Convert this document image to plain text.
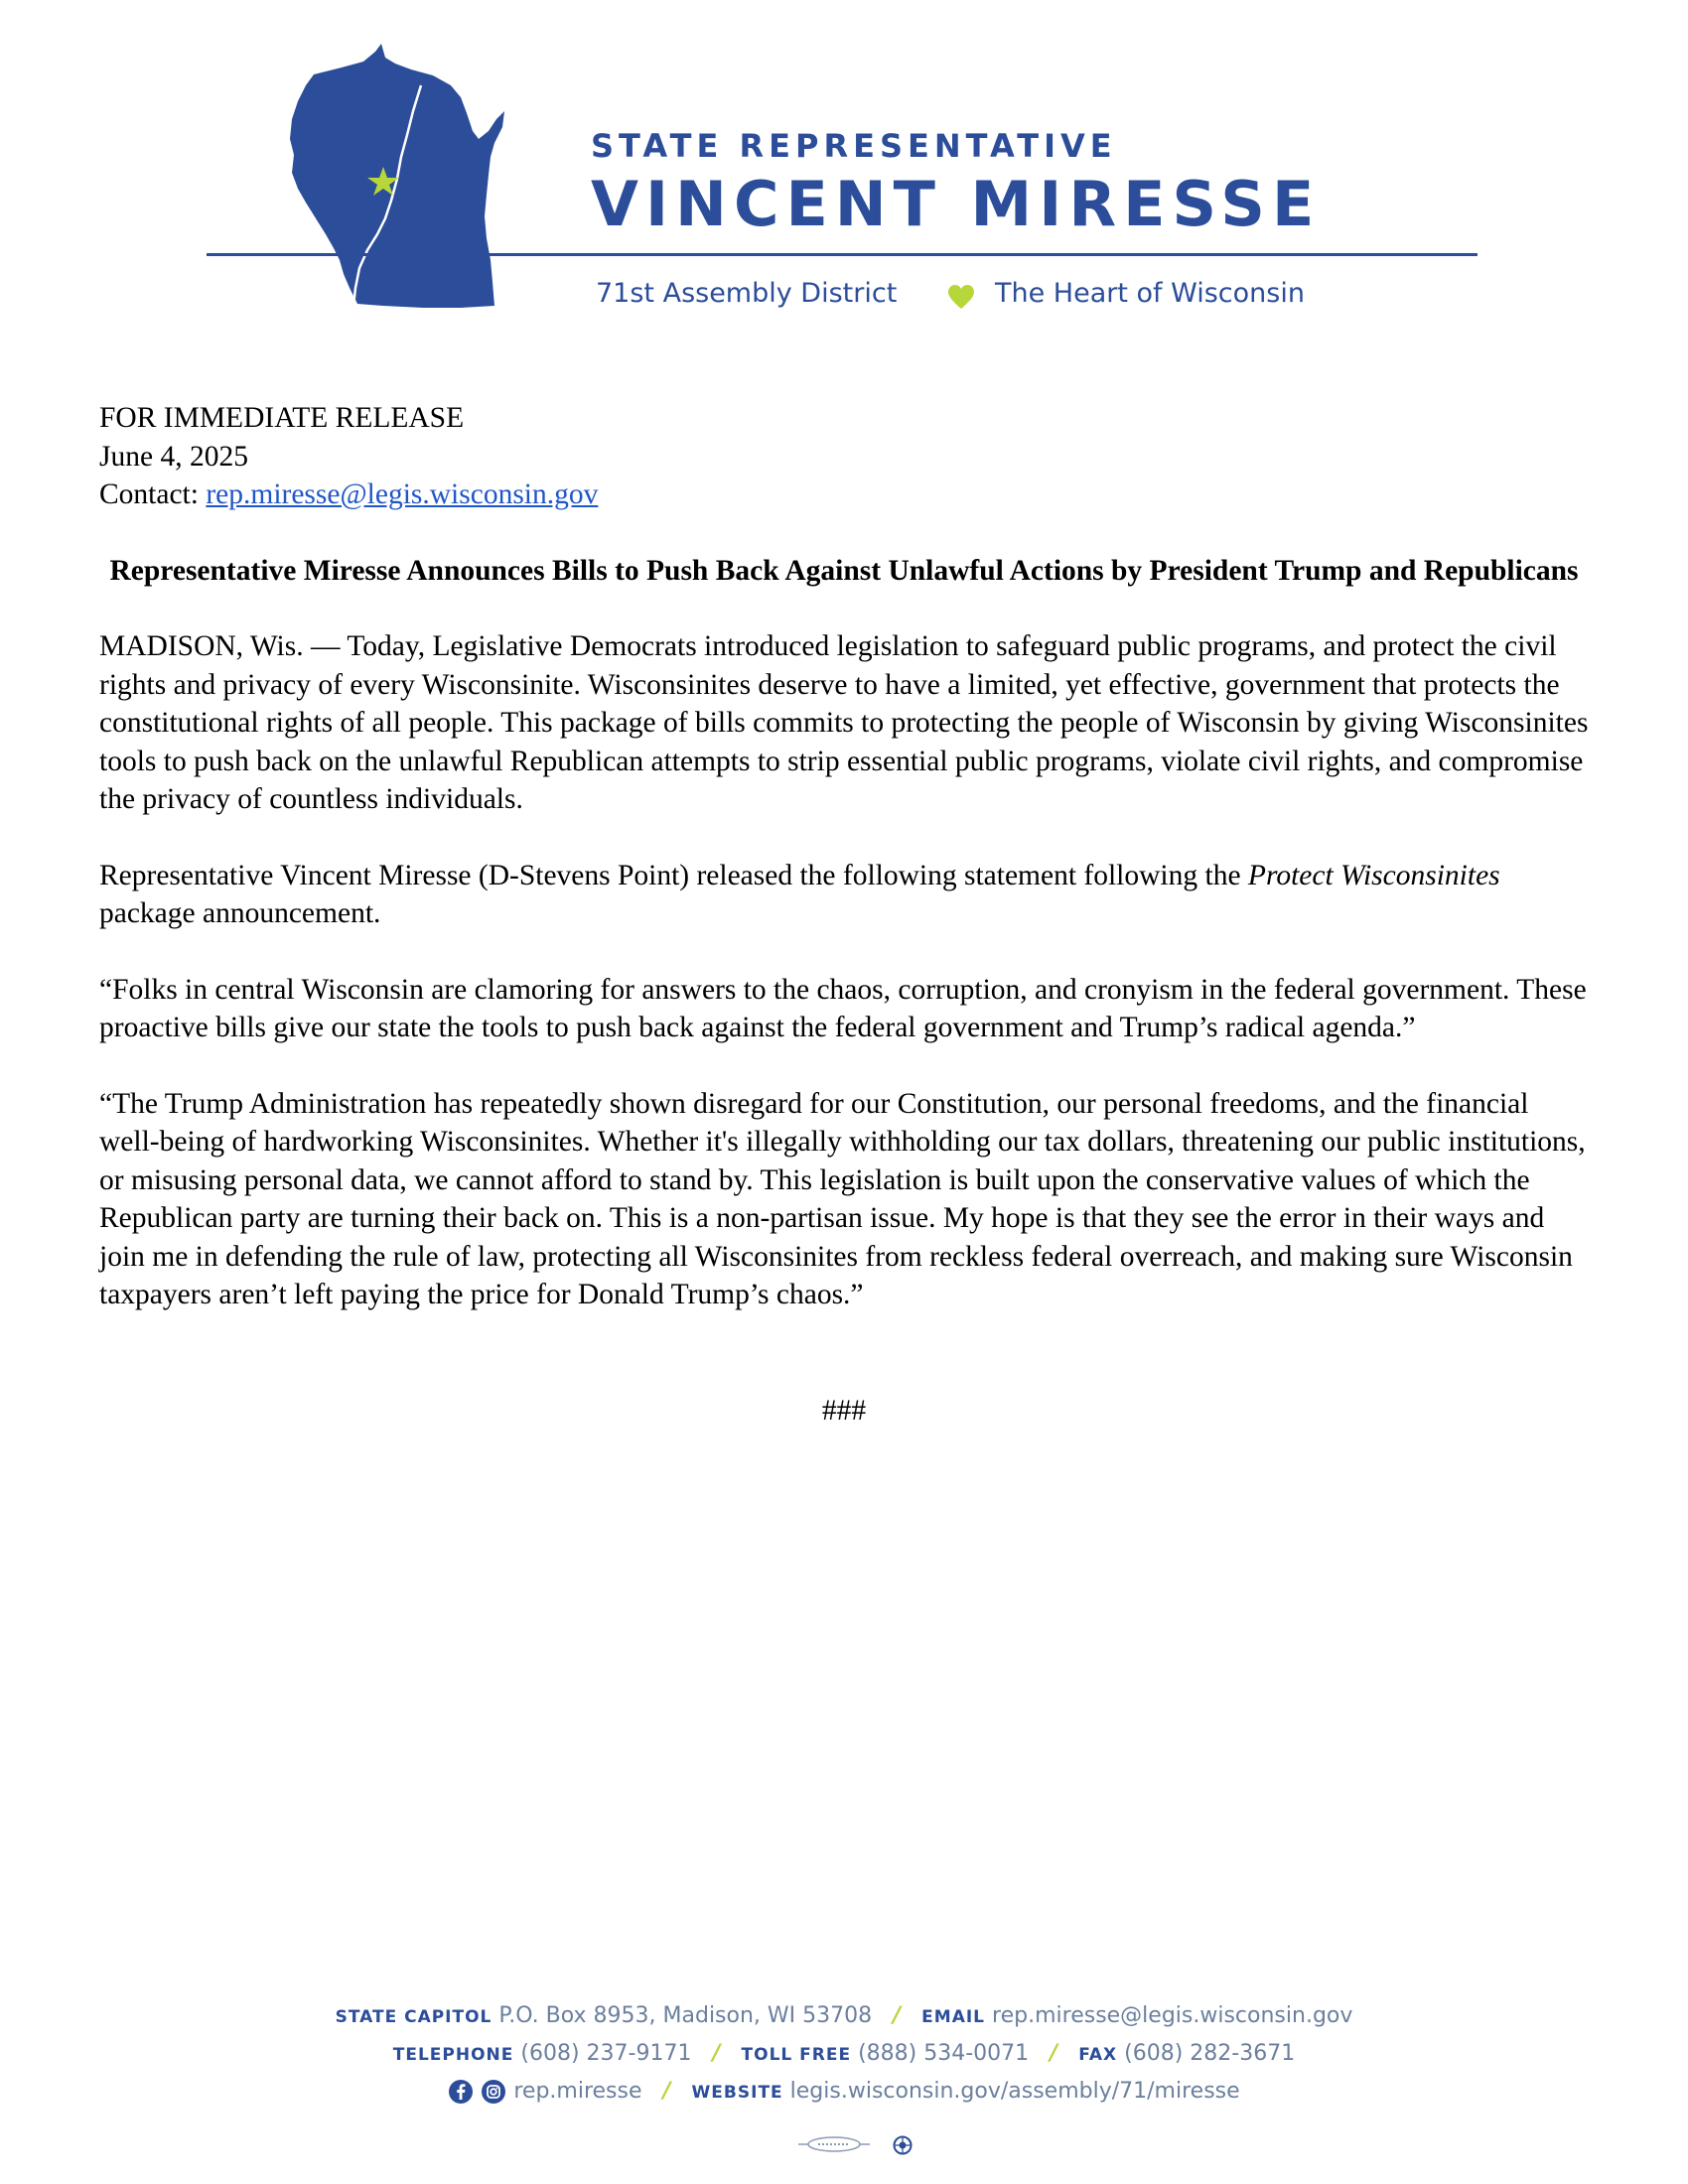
STATE REPRESENTATIVE
VINCENT MIRESSE
71st Assembly District	The Heart of Wisconsin

FOR IMMEDIATE RELEASE

June 4, 2025

Contact: rep.miresse@legis.wisconsin.gov

Representative Miresse Announces Bills to Push Back Against Unlawful Actions by President Trump and Republicans

MADISON, Wis. — Today, Legislative Democrats introduced legislation to safeguard public programs, and protect the civil rights and privacy of every Wisconsinite. Wisconsinites deserve to have a limited, yet effective, government that protects the constitutional rights of all people. This package of bills commits to protecting the people of Wisconsin by giving Wisconsinites tools to push back on the unlawful Republican attempts to strip essential public programs, violate civil rights, and compromise the privacy of countless individuals.

Representative Vincent Miresse (D-Stevens Point) released the following statement following the Protect Wisconsinites package announcement.

“Folks in central Wisconsin are clamoring for answers to the chaos, corruption, and cronyism in the federal government. These proactive bills give our state the tools to push back against the federal government and Trump’s radical agenda.”

“The Trump Administration has repeatedly shown disregard for our Constitution, our personal freedoms, and the financial well-being of hardworking Wisconsinites. Whether it's illegally withholding our tax dollars, threatening our public institutions, or misusing personal data, we cannot afford to stand by. This legislation is built upon the conservative values of which the Republican party are turning their back on. This is a non-partisan issue. My hope is that they see the error in their ways and join me in defending the rule of law, protecting all Wisconsinites from reckless federal overreach, and making sure Wisconsin taxpayers aren’t left paying the price for Donald Trump’s chaos.”

###

STATE CAPITOL P.O. Box 8953, Madison, WI 53708 / EMAIL rep.miresse@legis.wisconsin.gov
TELEPHONE (608) 237-9171 / TOLL FREE (888) 534-0071 / FAX (608) 282-3671
rep.miresse / WEBSITE legis.wisconsin.gov/assembly/71/miresse
